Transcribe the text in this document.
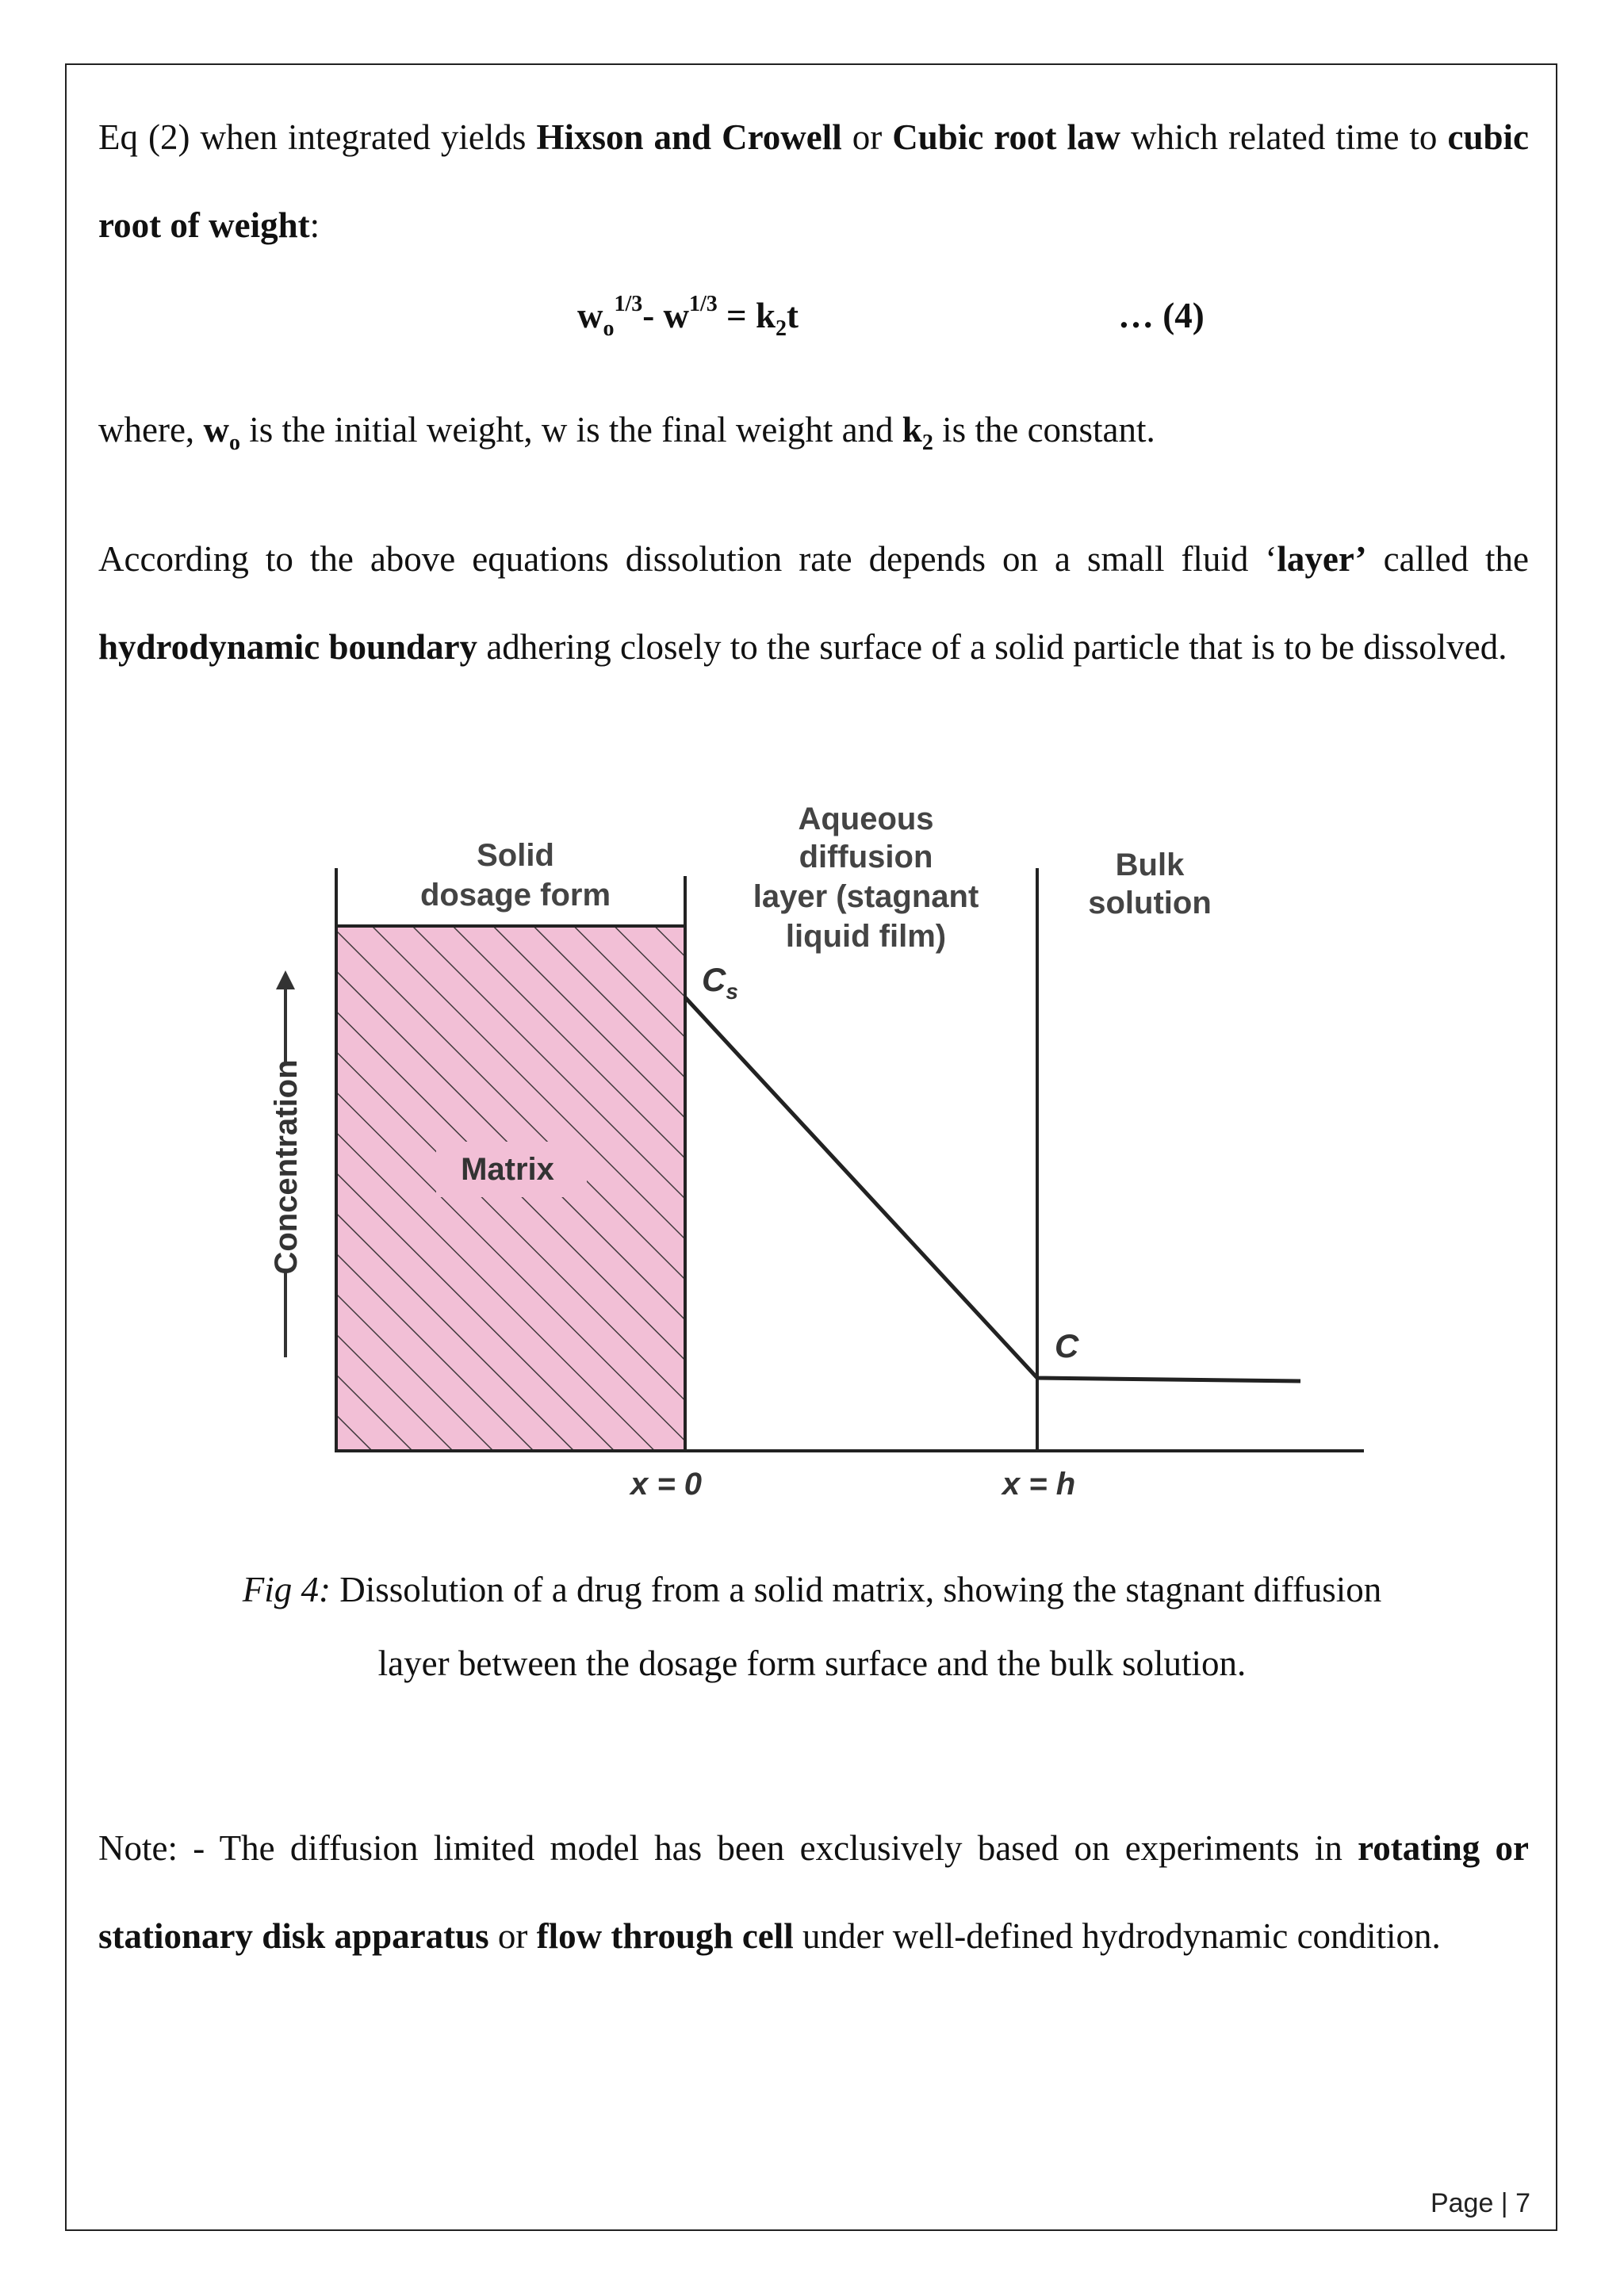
Eq (2) when integrated yields Hixson and Crowell or Cubic root law which related time to cubic root of weight:

$w_o^{1/3}-$ $w^{1/3} = k_2t$	… (4)

where, $w_o$ is the initial weight, w is the final weight and $k_2$ is the constant.

According to the above equations dissolution rate depends on a small fluid ‘layer’ called the hydrodynamic boundary adhering closely to the surface of a solid particle that is to be dissolved.

Matrix
Solid
dosage form
Aqueous
diffusion
layer (stagnant
liquid film)
Bulk
solution
$C_s$
C
x = 0	x = h
Concentration
Fig 4: Dissolution of a drug from a solid matrix, showing the stagnant diffusion
layer between the dosage form surface and the bulk solution.

Note: - The diffusion limited model has been exclusively based on experiments in rotating or stationary disk apparatus or flow through cell under well-defined hydrodynamic condition.

Page | 7
